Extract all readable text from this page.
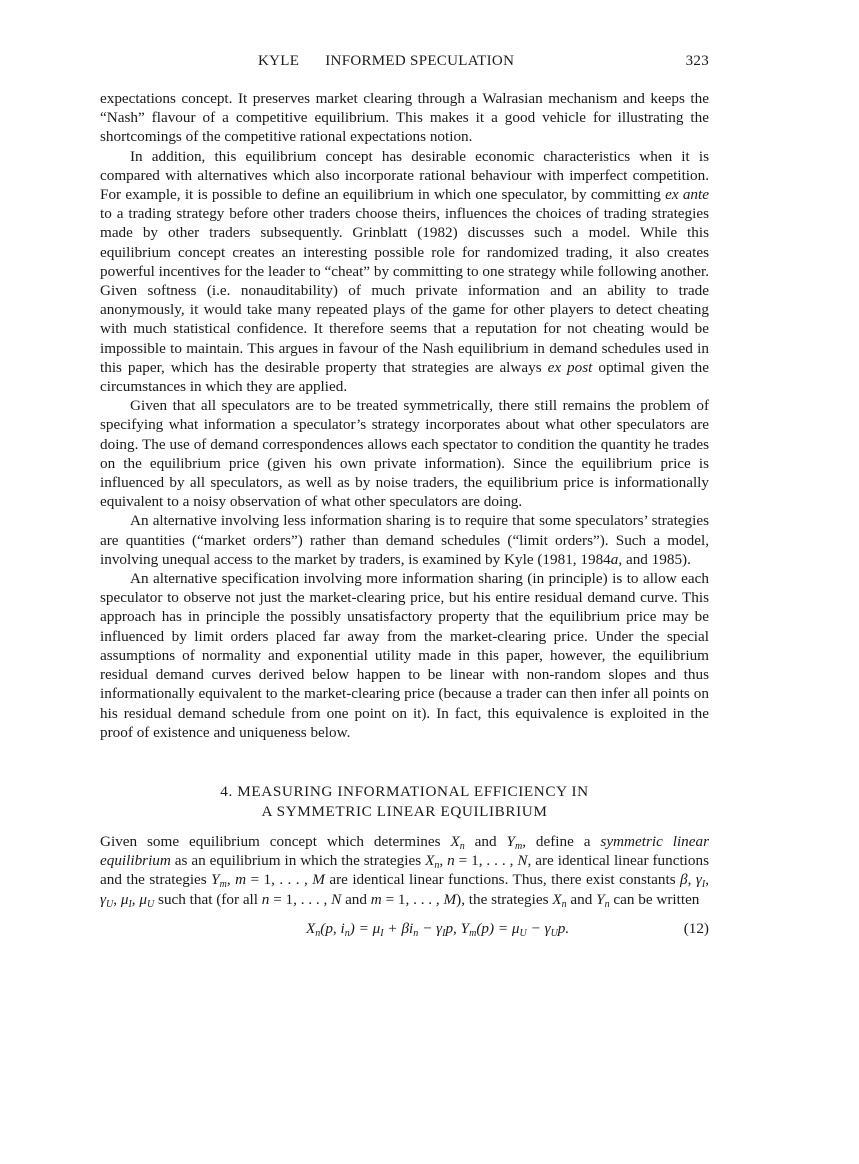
KYLE INFORMED SPECULATION	323

expectations concept. It preserves market clearing through a Walrasian mechanism and keeps the “Nash” flavour of a competitive equilibrium. This makes it a good vehicle for illustrating the shortcomings of the competitive rational expectations notion.

In addition, this equilibrium concept has desirable economic characteristics when it is compared with alternatives which also incorporate rational behaviour with imperfect competition. For example, it is possible to define an equilibrium in which one speculator, by committing ex ante to a trading strategy before other traders choose theirs, influences the choices of trading strategies made by other traders subsequently. Grinblatt (1982) discusses such a model. While this equilibrium concept creates an interesting possible role for randomized trading, it also creates powerful incentives for the leader to “cheat” by committing to one strategy while following another. Given softness (i.e. nonauditability) of much private information and an ability to trade anonymously, it would take many repeated plays of the game for other players to detect cheating with much statistical confidence. It therefore seems that a reputation for not cheating would be impossible to maintain. This argues in favour of the Nash equilibrium in demand schedules used in this paper, which has the desirable property that strategies are always ex post optimal given the circumstances in which they are applied.

Given that all speculators are to be treated symmetrically, there still remains the problem of specifying what information a speculator’s strategy incorporates about what other speculators are doing. The use of demand correspondences allows each spectator to condition the quantity he trades on the equilibrium price (given his own private information). Since the equilibrium price is influenced by all speculators, as well as by noise traders, the equilibrium price is informationally equivalent to a noisy observation of what other speculators are doing.

An alternative involving less information sharing is to require that some speculators’ strategies are quantities (“market orders”) rather than demand schedules (“limit orders”). Such a model, involving unequal access to the market by traders, is examined by Kyle (1981, 1984a, and 1985).

An alternative specification involving more information sharing (in principle) is to allow each speculator to observe not just the market-clearing price, but his entire residual demand curve. This approach has in principle the possibly unsatisfactory property that the equilibrium price may be influenced by limit orders placed far away from the market-clearing price. Under the special assumptions of normality and exponential utility made in this paper, however, the equilibrium residual demand curves derived below happen to be linear with non-random slopes and thus informationally equivalent to the market-clearing price (because a trader can then infer all points on his residual demand schedule from one point on it). In fact, this equivalence is exploited in the proof of existence and uniqueness below.

4. MEASURING INFORMATIONAL EFFICIENCY IN
A SYMMETRIC LINEAR EQUILIBRIUM

Given some equilibrium concept which determines $X_n$ and $Y_m$, define a symmetric linear equilibrium as an equilibrium in which the strategies $X_n$, n = 1, . . . , N, are identical linear functions and the strategies $Y_m$, m = 1, . . . , M are identical linear functions. Thus, there exist constants β, $\gamma_I$, $\gamma_U$, $\mu_I$, $\mu_U$ such that (for all n = 1, . . . , N and m = 1, . . . , M), the strategies $X_n$ and $Y_n$ can be written

$X_n(p$, $i_n) = \mu_I + \beta i_n - \gamma_Ip$, $Y_m(p) = \mu_U - \gamma_Up$.	(12)
